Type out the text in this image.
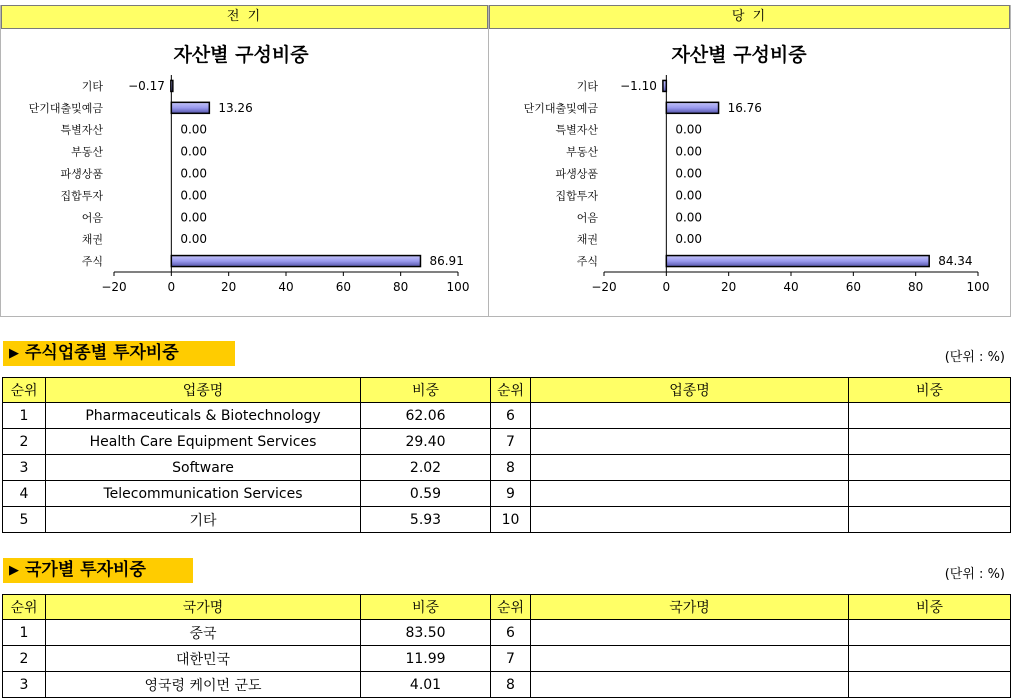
전 기
자산별 구성비중
−20	0	20	40	60	80	100
기타 −0.17
단기대출및예금	13.26
특별자산	0.00
부동산	0.00
파생상품	0.00
집합투자	0.00
어음	0.00
채권	0.00
주식	86.91
당 기
자산별 구성비중
−20	0	20	40	60	80	100
기타 −1.10
단기대출및예금	16.76
특별자산	0.00
부동산	0.00
파생상품	0.00
집합투자	0.00
어음	0.00
채권	0.00
주식	84.34
▶ 주식업종별 투자비중	(단위 : %)
순위	업종명	비중	순위	업종명	비중
1	Pharmaceuticals & Biotechnology	62.06	6		
2	Health Care Equipment Services	29.40	7		
3	Software	2.02	8		
4	Telecommunication Services	0.59	9		
5	기타	5.93	10		
▶ 국가별 투자비중	(단위 : %)
순위	국가명	비중	순위	국가명	비중
1	중국	83.50	6		
2	대한민국	11.99	7		
3	영국령 케이먼 군도	4.01	8		
